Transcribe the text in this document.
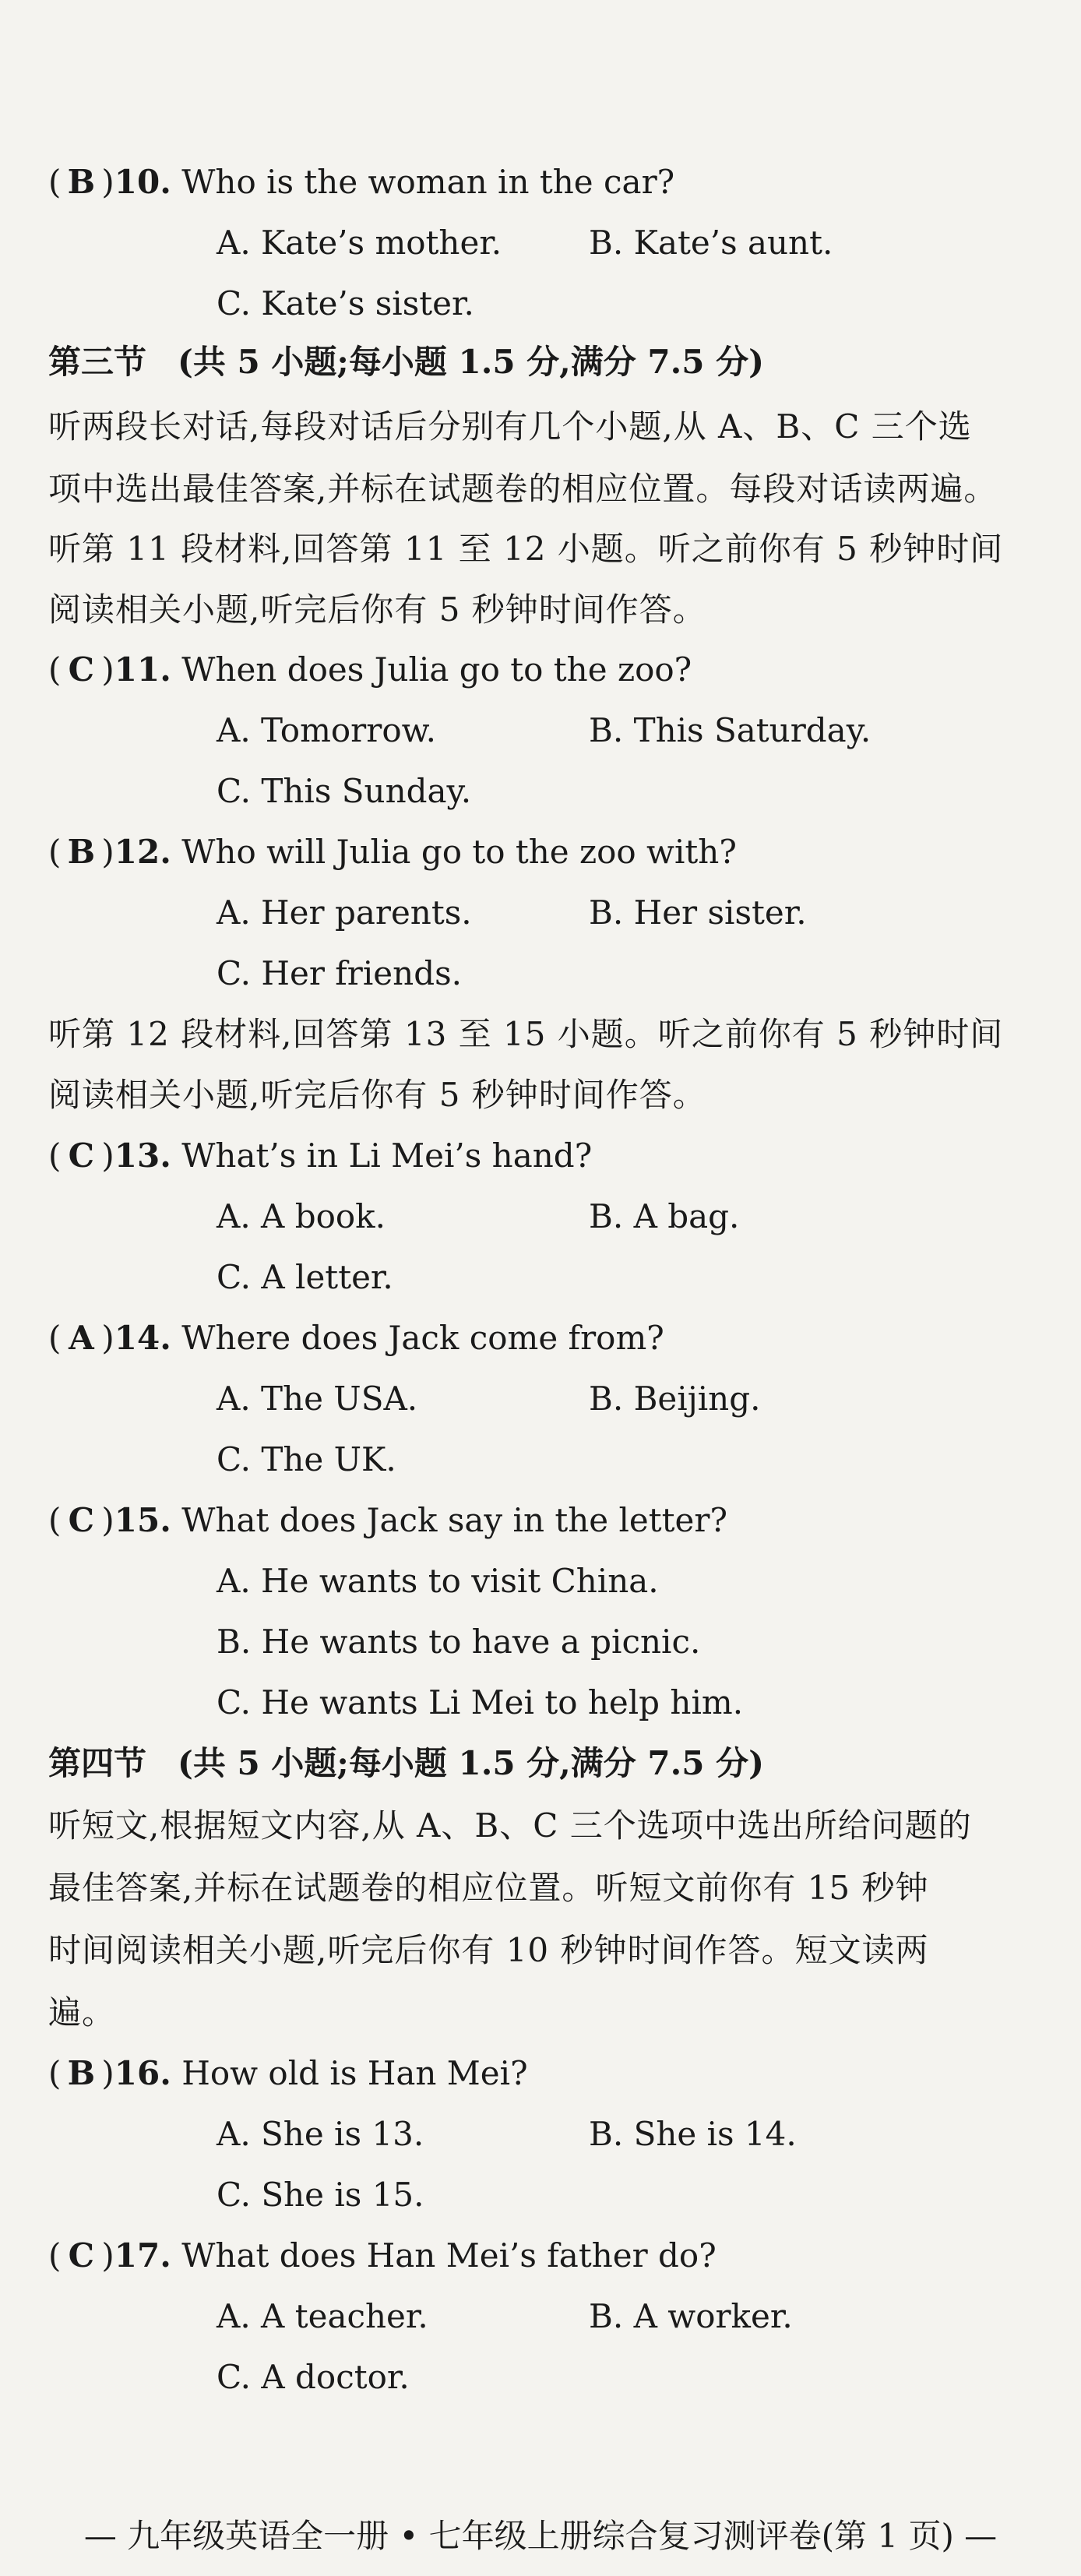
( B )10. Who is the woman in the car?
A. Kate’s mother.	B. Kate’s aunt.
C. Kate’s sister.
第三节 (共 5 小题;每小题 1.5 分,满分 7.5 分)
听两段长对话,每段对话后分别有几个小题,从 A、B、C 三个选
项中选出最佳答案,并标在试题卷的相应位置。每段对话读两遍。
听第 11 段材料,回答第 11 至 12 小题。听之前你有 5 秒钟时间
阅读相关小题,听完后你有 5 秒钟时间作答。
( C )11. When does Julia go to the zoo?
A. Tomorrow.	B. This Saturday.
C. This Sunday.
( B )12. Who will Julia go to the zoo with?
A. Her parents.	B. Her sister.
C. Her friends.
听第 12 段材料,回答第 13 至 15 小题。听之前你有 5 秒钟时间
阅读相关小题,听完后你有 5 秒钟时间作答。
( C )13. What’s in Li Mei’s hand?
A. A book.	B. A bag.
C. A letter.
( A )14. Where does Jack come from?
A. The USA.	B. Beijing.
C. The UK.
( C )15. What does Jack say in the letter?
A. He wants to visit China.
B. He wants to have a picnic.
C. He wants Li Mei to help him.
第四节 (共 5 小题;每小题 1.5 分,满分 7.5 分)
听短文,根据短文内容,从 A、B、C 三个选项中选出所给问题的
最佳答案,并标在试题卷的相应位置。听短文前你有 15 秒钟
时间阅读相关小题,听完后你有 10 秒钟时间作答。短文读两
遍。
( B )16. How old is Han Mei?
A. She is 13.	B. She is 14.
C. She is 15.
( C )17. What does Han Mei’s father do?
A. A teacher.	B. A worker.
C. A doctor.
— 九年级英语全一册 • 七年级上册综合复习测评卷(第 1 页) —
